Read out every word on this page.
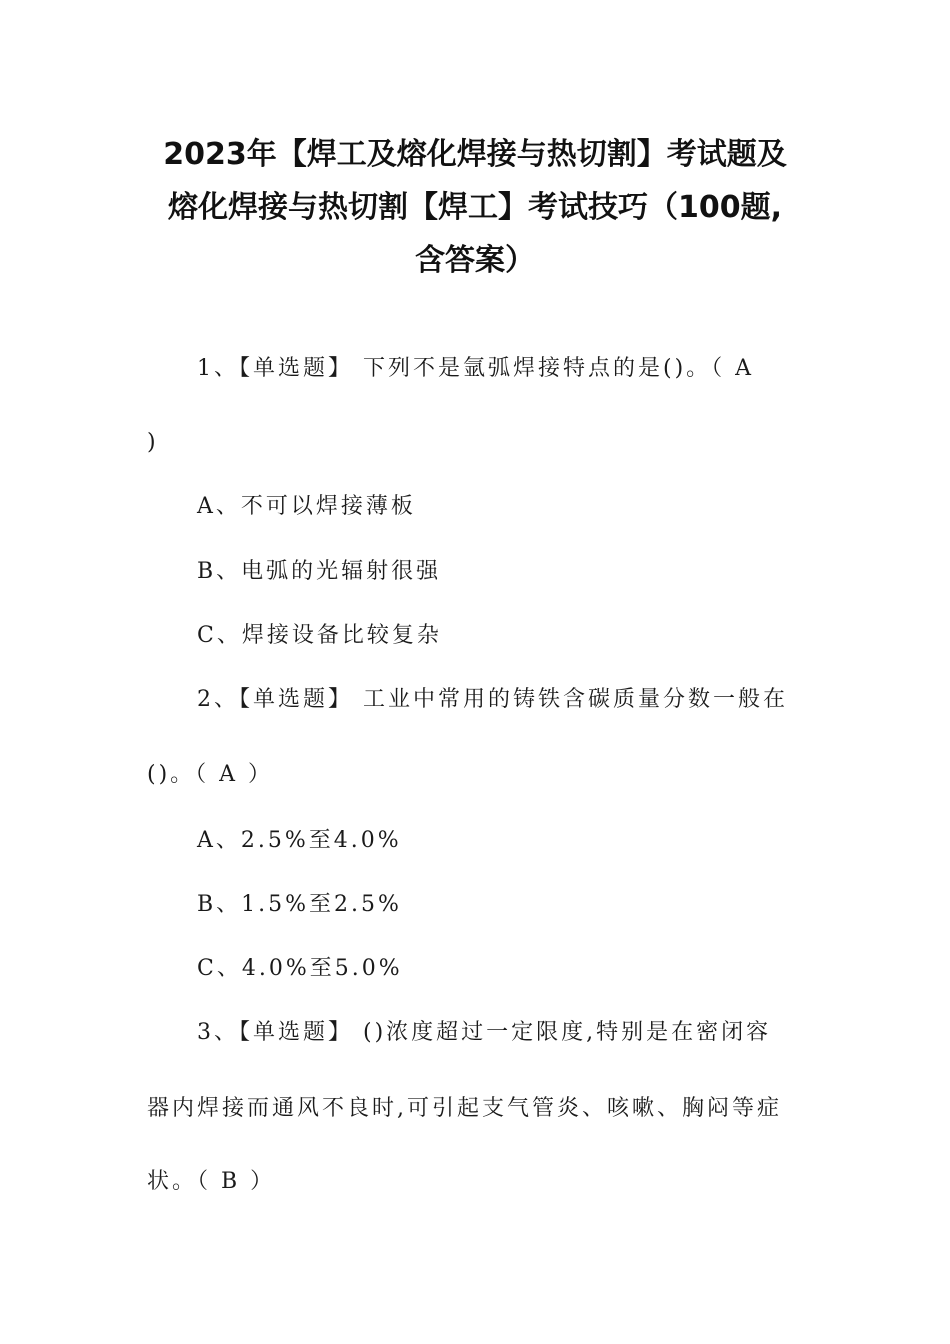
2023年【焊工及熔化焊接与热切割】考试题及
熔化焊接与热切割【焊工】考试技巧（100题,
含答案）
1、【单选题】 下列不是氩弧焊接特点的是()。（ A
)
A、不可以焊接薄板
B、电弧的光辐射很强
C、焊接设备比较复杂
2、【单选题】 工业中常用的铸铁含碳质量分数一般在
()。（ A ）
A、2.5%至4.0%
B、1.5%至2.5%
C、4.0%至5.0%
3、【单选题】 ()浓度超过一定限度,特别是在密闭容
器内焊接而通风不良时,可引起支气管炎、咳嗽、胸闷等症
状。（ B ）
